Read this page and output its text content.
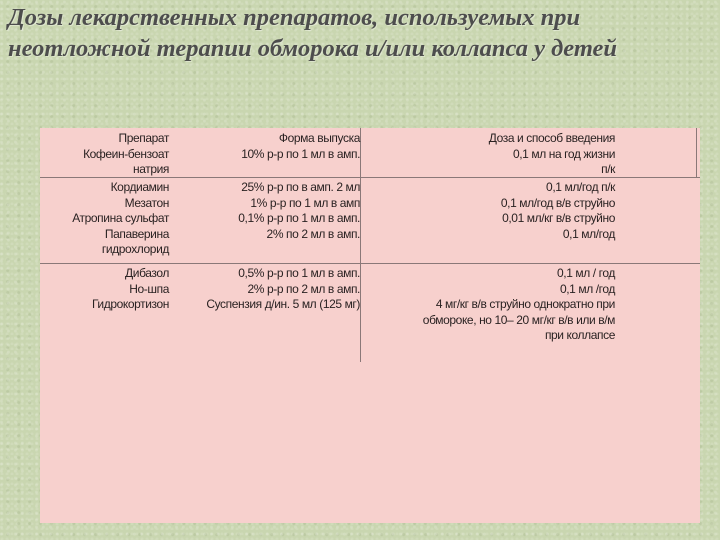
Дозы лекарственных препаратов, используемых при
неотложной терапии обморока и/или коллапса у детей
Препарат
Кофеин-бензоат
натрия
Форма выпуска
10% р-р по 1 мл в амп.
Доза и способ введения
0,1 мл на год жизни
п/к
Кордиамин
Мезатон
Атропина сульфат
Папаверина
гидрохлорид
25% р-р по в амп. 2 мл
1% р-р по 1 мл в амп
0,1% р-р по 1 мл в амп.
2% по 2 мл в амп.
0,1 мл/год п/к
0,1 мл/год в/в струйно
0,01 мл/кг в/в струйно
0,1 мл/год
Дибазол
Но-шпа
Гидрокортизон
0,5% р-р по 1 мл в амп.
2% р-р по 2 мл в амп.
Суспензия д/ин. 5 мл (125 мг)
0,1 мл / год
0,1 мл /год
4 мг/кг в/в струйно однократно при
обмороке, но 10– 20 мг/кг в/в или в/м
при коллапсе
